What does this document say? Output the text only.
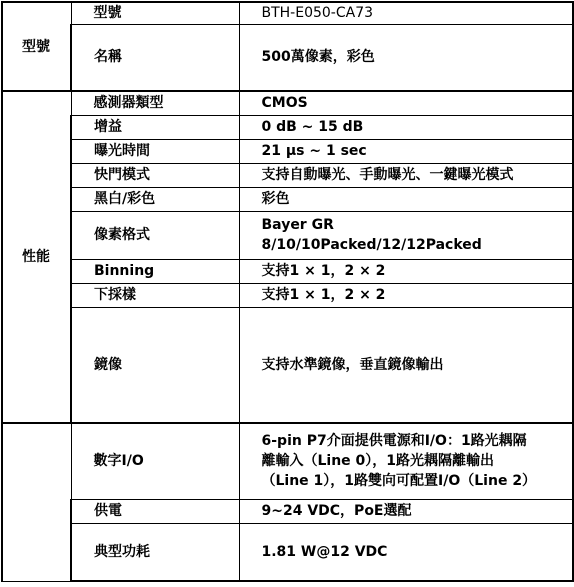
型號	型號	BTH-E050-CA73
	名稱	500萬像素，彩色
性能	感測器類型	CMOS
	增益	0 dB ~ 15 dB
	曝光時間	21 μs ~ 1 sec
	快門模式	支持自動曝光、手動曝光、一鍵曝光模式
	黑白/彩色	彩色
	像素格式	Bayer GR
8/10/10Packed/12/12Packed

	Binning	支持1 × 1，2 × 2
	下採樣	支持1 × 1，2 × 2
	鏡像	支持水準鏡像，垂直鏡像輸出
	數字I/O	6-pin P7介面提供電源和I/O：1路光耦隔
離輸入（Line 0），1路光耦隔離輸出
（Line 1），1路雙向可配置I/O（Line 2）

	供電	9~24 VDC，PoE選配
	典型功耗	1.81 W@12 VDC
